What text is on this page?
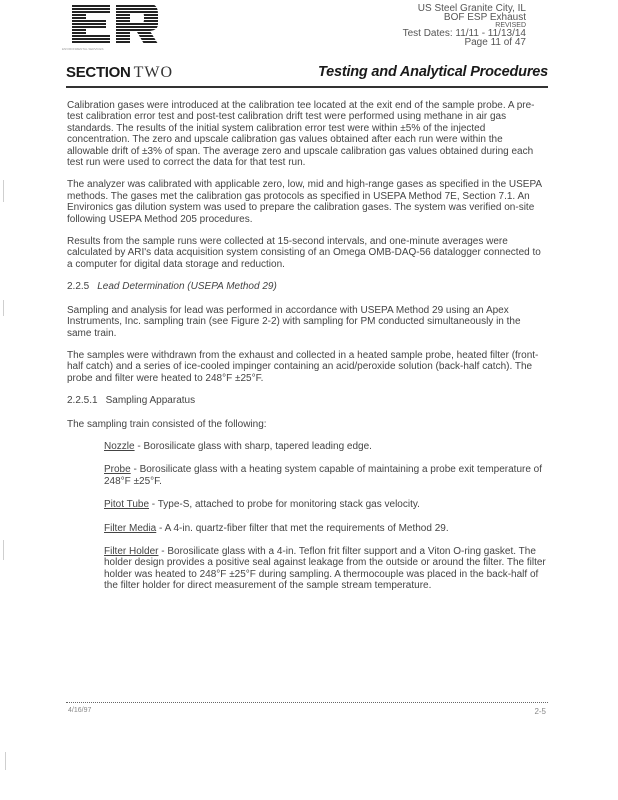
ENVIRONMENTAL SERVICES
US Steel Granite City, IL
BOF ESP Exhaust
REVISED
Test Dates: 11/11 - 11/13/14
Page 11 of 47
SECTION TWO	Testing and Analytical Procedures

Calibration gases were introduced at the calibration tee located at the exit end of the sample probe. A pre-test calibration error test and post-test calibration drift test were performed using methane in air gas standards. The results of the initial system calibration error test were within ±5% of the injected concentration. The zero and upscale calibration gas values obtained after each run were within the allowable drift of ±3% of span. The average zero and upscale calibration gas values obtained during each test run were used to correct the data for that test run.

The analyzer was calibrated with applicable zero, low, mid and high-range gases as specified in the USEPA methods. The gases met the calibration gas protocols as specified in USEPA Method 7E, Section 7.1. An Environics gas dilution system was used to prepare the calibration gases. The system was verified on-site following USEPA Method 205 procedures.

Results from the sample runs were collected at 15-second intervals, and one-minute averages were calculated by ARI's data acquisition system consisting of an Omega OMB-DAQ-56 datalogger connected to a computer for digital data storage and reduction.

2.2.5 Lead Determination (USEPA Method 29)

Sampling and analysis for lead was performed in accordance with USEPA Method 29 using an Apex Instruments, Inc. sampling train (see Figure 2-2) with sampling for PM conducted simultaneously in the same train.

The samples were withdrawn from the exhaust and collected in a heated sample probe, heated filter (front-half catch) and a series of ice-cooled impinger containing an acid/peroxide solution (back-half catch). The probe and filter were heated to 248°F ±25°F.

2.2.5.1 Sampling Apparatus

The sampling train consisted of the following:

Nozzle - Borosilicate glass with sharp, tapered leading edge.

Probe - Borosilicate glass with a heating system capable of maintaining a probe exit temperature of 248°F ±25°F.

Pitot Tube - Type-S, attached to probe for monitoring stack gas velocity.

Filter Media - A 4-in. quartz-fiber filter that met the requirements of Method 29.

Filter Holder - Borosilicate glass with a 4-in. Teflon frit filter support and a Viton O-ring gasket. The holder design provides a positive seal against leakage from the outside or around the filter. The filter holder was heated to 248°F ±25°F during sampling. A thermocouple was placed in the back-half of the filter holder for direct measurement of the sample stream temperature.

4/16/97	2-5
